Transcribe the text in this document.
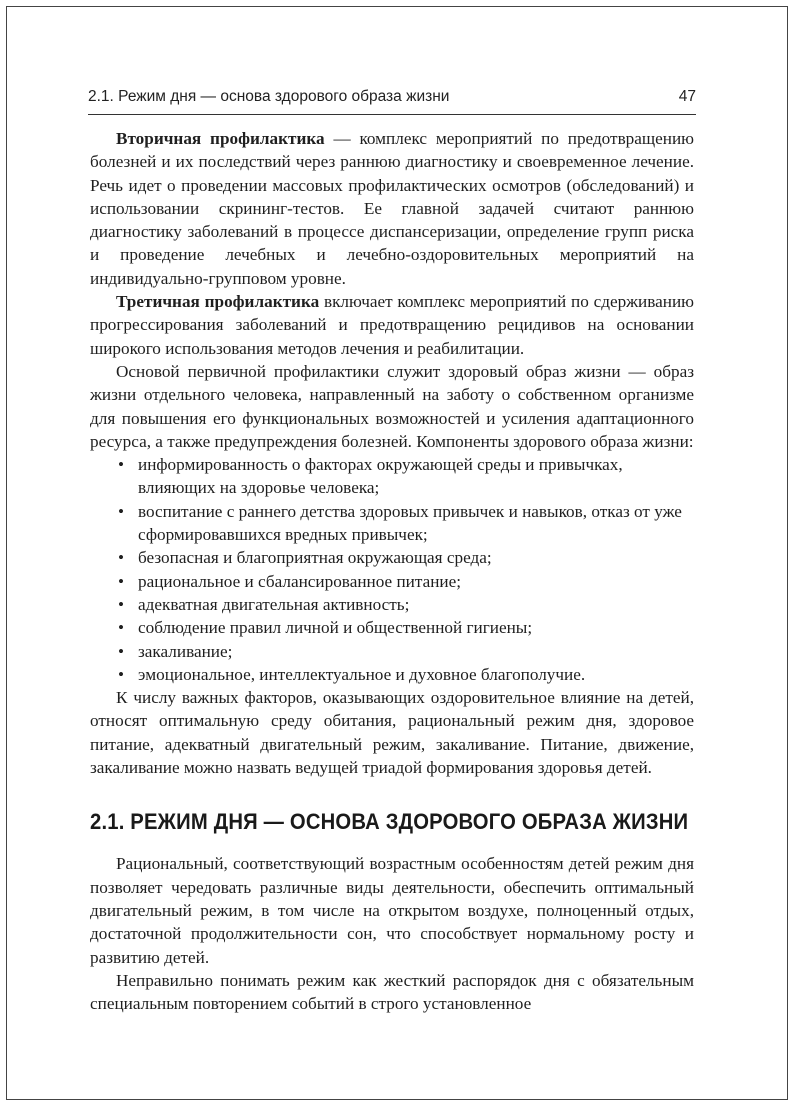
2.1. Режим дня — основа здорового образа жизни	47

Вторичная профилактика — комплекс мероприятий по предотвращению болезней и их последствий через раннюю диагностику и своевременное лечение. Речь идет о проведении массовых профилактических осмотров (обследований) и использовании скрининг-тестов. Ее главной задачей считают раннюю диагностику заболеваний в процессе диспансеризации, определение групп риска и проведение лечебных и лечебно-оздоровительных мероприятий на индивидуально-групповом уровне.

Третичная профилактика включает комплекс мероприятий по сдерживанию прогрессирования заболеваний и предотвращению рецидивов на основании широкого использования методов лечения и реабилитации.

Основой первичной профилактики служит здоровый образ жизни — образ жизни отдельного человека, направленный на заботу о собственном организме для повышения его функциональных возможностей и усиления адаптационного ресурса, а также предупреждения болезней. Компоненты здорового образа жизни:

• информированность о факторах окружающей среды и привычках, влияющих на здоровье человека;
• воспитание с раннего детства здоровых привычек и навыков, отказ от уже сформировавшихся вредных привычек;
• безопасная и благоприятная окружающая среда;
• рациональное и сбалансированное питание;
• адекватная двигательная активность;
• соблюдение правил личной и общественной гигиены;
• закаливание;
• эмоциональное, интеллектуальное и духовное благополучие.

К числу важных факторов, оказывающих оздоровительное влияние на детей, относят оптимальную среду обитания, рациональный режим дня, здоровое питание, адекватный двигательный режим, закаливание. Питание, движение, закаливание можно назвать ведущей триадой формирования здоровья детей.

2.1. РЕЖИМ ДНЯ — ОСНОВА ЗДОРОВОГО ОБРАЗА ЖИЗНИ

Рациональный, соответствующий возрастным особенностям детей режим дня позволяет чередовать различные виды деятельности, обеспечить оптимальный двигательный режим, в том числе на открытом воздухе, полноценный отдых, достаточной продолжительности сон, что способствует нормальному росту и развитию детей.

Неправильно понимать режим как жесткий распорядок дня с обязательным специальным повторением событий в строго установленное
